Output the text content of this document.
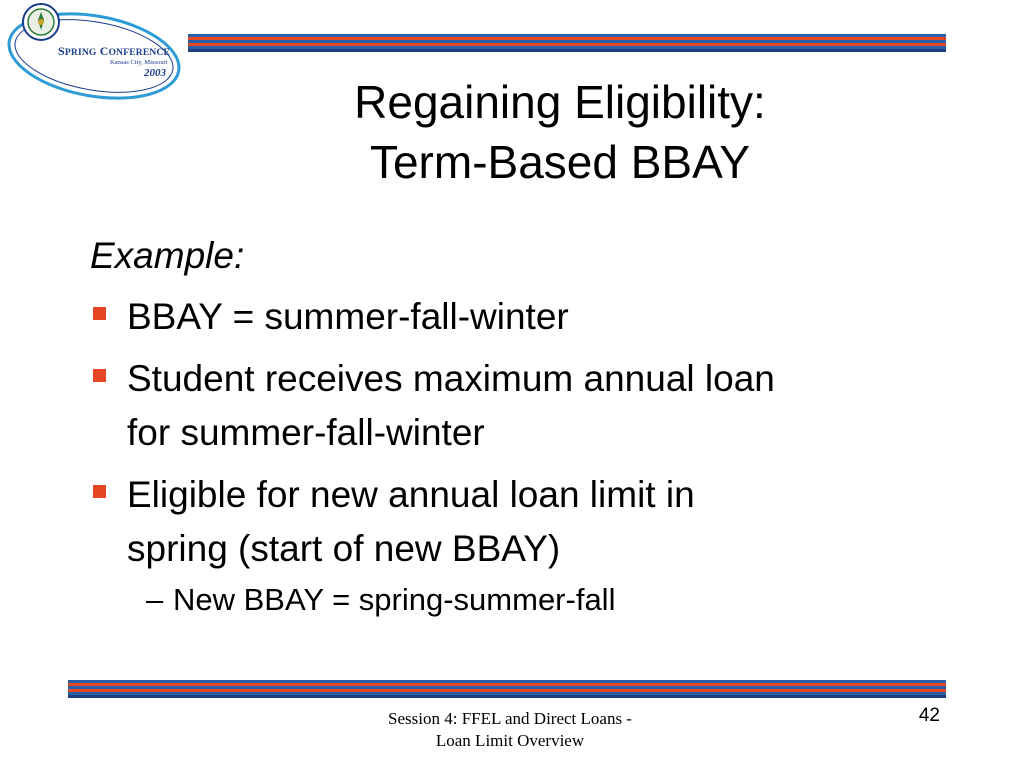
SPRING CONFERENCE
Kansas City, Missouri
2003
Regaining Eligibility:
Term-Based BBAY
Example:
BBAY = summer-fall-winter
Student receives maximum annual loan
for summer-fall-winter
Eligible for new annual loan limit in
spring (start of new BBAY)
– New BBAY = spring-summer-fall
Session 4: FFEL and Direct Loans -
Loan Limit Overview
42
